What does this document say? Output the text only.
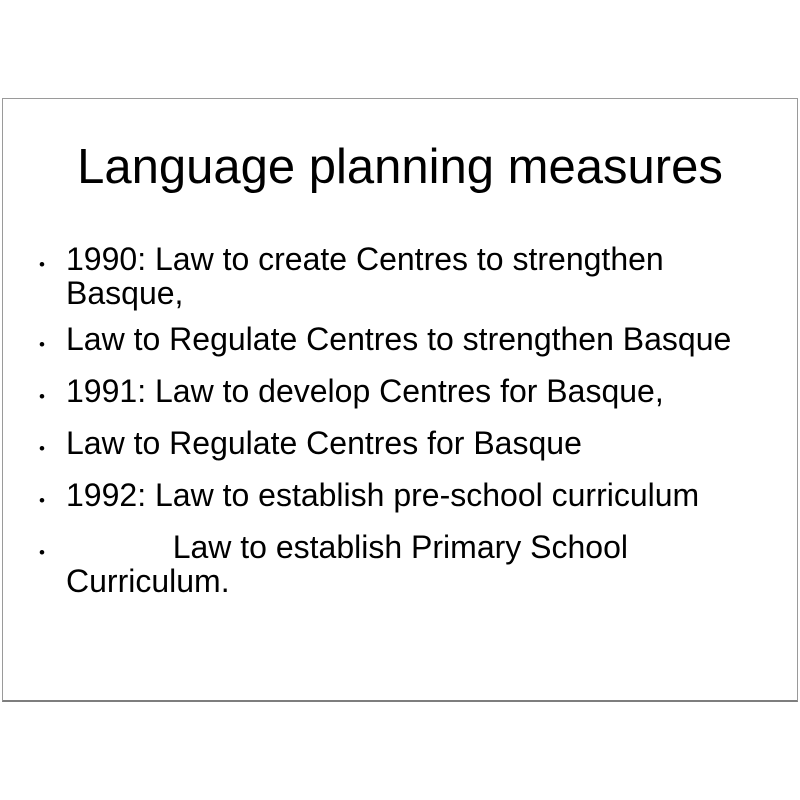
Language planning measures
• 1990: Law to create Centres to strengthen Basque,
• Law to Regulate Centres to strengthen Basque
• 1991: Law to develop Centres for Basque,
• Law to Regulate Centres for Basque
• 1992: Law to establish pre-school curriculum
• Law to establish Primary School Curriculum.
